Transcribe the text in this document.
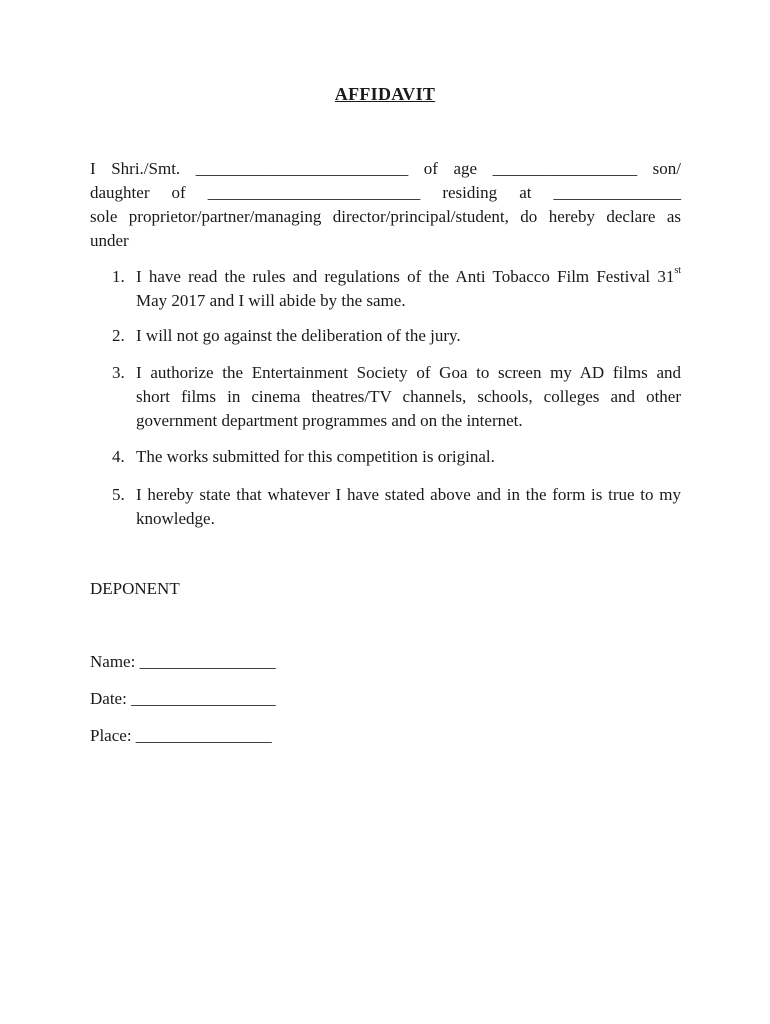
AFFIDAVIT
I Shri./Smt. _________________________ of age _________________ son/
daughter of _________________________ residing at _______________
sole proprietor/partner/managing director/principal/student, do hereby declare as
under
1. I have read the rules and regulations of the Anti Tobacco Film Festival 31st
May 2017 and I will abide by the same.
2. I will not go against the deliberation of the jury.
3. I authorize the Entertainment Society of Goa to screen my AD films and
short films in cinema theatres/TV channels, schools, colleges and other
government department programmes and on the internet.
4. The works submitted for this competition is original.
5. I hereby state that whatever I have stated above and in the form is true to my
knowledge.
DEPONENT
Name: ________________
Date: _________________
Place: ________________
